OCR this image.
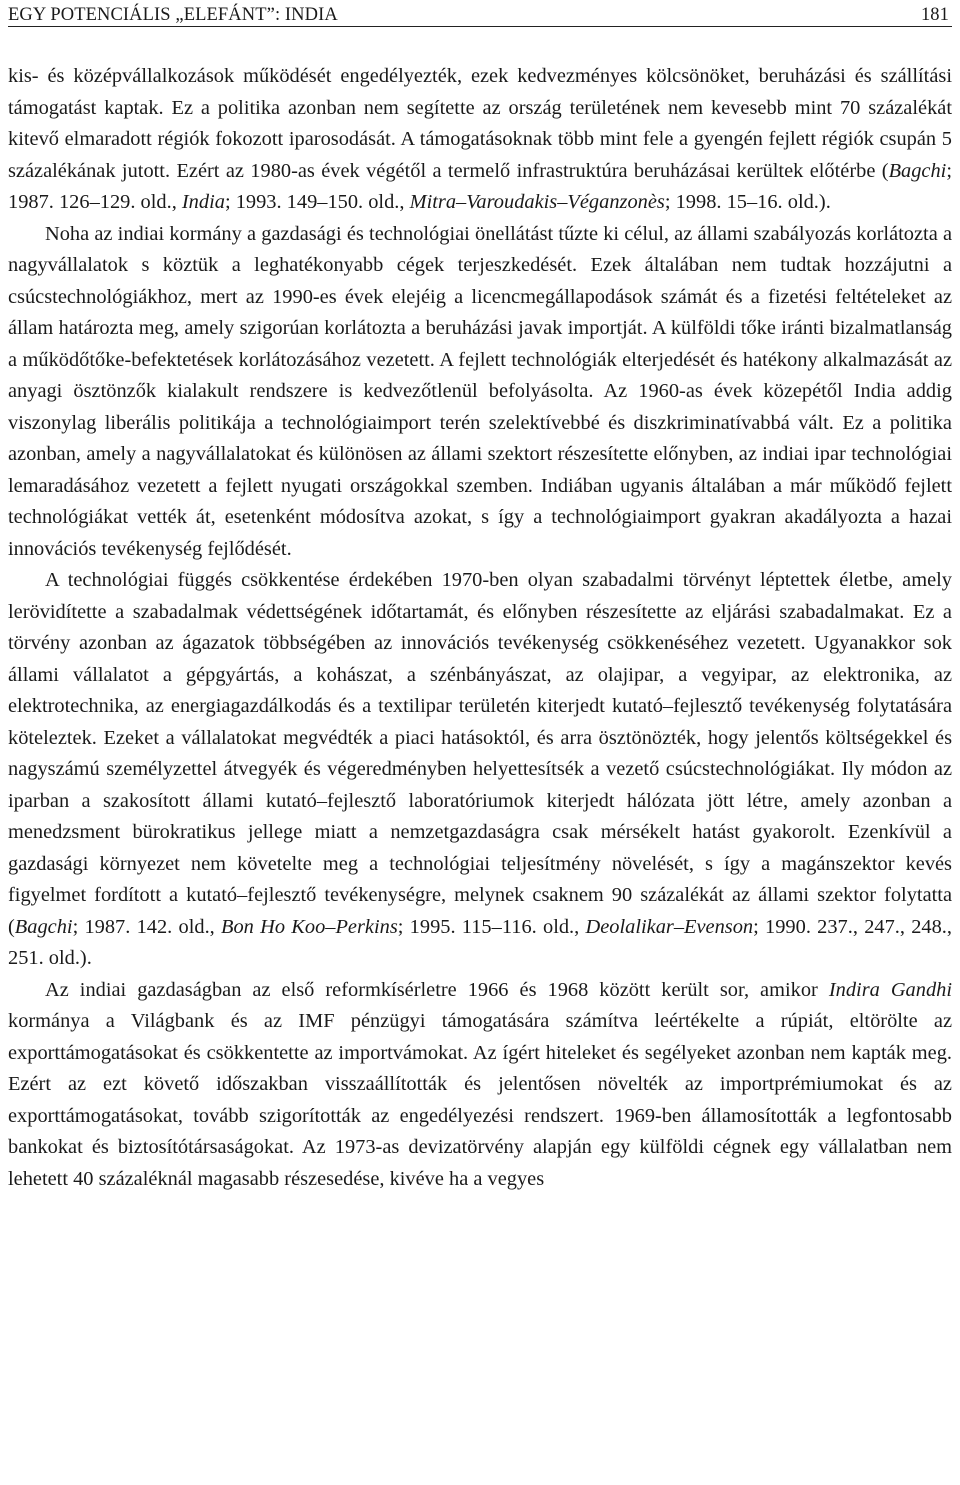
EGY POTENCIÁLIS „ELEFÁNT”: INDIA	181

kis- és középvállalkozások működését engedélyezték, ezek kedvezményes kölcsönöket, beruházási és szállítási támogatást kaptak. Ez a politika azonban nem segítette az ország területének nem kevesebb mint 70 százalékát kitevő elmaradott régiók fokozott iparosodását. A támogatásoknak több mint fele a gyengén fejlett régiók csupán 5 százalékának jutott. Ezért az 1980-as évek végétől a termelő infrastruktúra beruházásai kerültek előtérbe (Bagchi; 1987. 126–129. old., India; 1993. 149–150. old., Mitra–Varoudakis–Véganzonès; 1998. 15–16. old.).

Noha az indiai kormány a gazdasági és technológiai önellátást tűzte ki célul, az állami szabályozás korlátozta a nagyvállalatok s köztük a leghatékonyabb cégek terjeszkedését. Ezek általában nem tudtak hozzájutni a csúcstechnológiákhoz, mert az 1990-es évek elejéig a licencmegállapodások számát és a fizetési feltételeket az állam határozta meg, amely szigorúan korlátozta a beruházási javak importját. A külföldi tőke iránti bizalmatlanság a működőtőke-befektetések korlátozásához vezetett. A fejlett technológiák elterjedését és hatékony alkalmazását az anyagi ösztönzők kialakult rendszere is kedvezőtlenül befolyásolta. Az 1960-as évek közepétől India addig viszonylag liberális politikája a technológiaimport terén szelektívebbé és diszkriminatívabbá vált. Ez a politika azonban, amely a nagyvállalatokat és különösen az állami szektort részesítette előnyben, az indiai ipar technológiai lemaradásához vezetett a fejlett nyugati országokkal szemben. Indiában ugyanis általában a már működő fejlett technológiákat vették át, esetenként módosítva azokat, s így a technológiaimport gyakran akadályozta a hazai innovációs tevékenység fejlődését.

A technológiai függés csökkentése érdekében 1970-ben olyan szabadalmi törvényt léptettek életbe, amely lerövidítette a szabadalmak védettségének időtartamát, és előnyben részesítette az eljárási szabadalmakat. Ez a törvény azonban az ágazatok többségében az innovációs tevékenység csökkenéséhez vezetett. Ugyanakkor sok állami vállalatot a gépgyártás, a kohászat, a szénbányászat, az olajipar, a vegyipar, az elektronika, az elektrotechnika, az energiagazdálkodás és a textilipar területén kiterjedt kutató–fejlesztő tevékenység folytatására köteleztek. Ezeket a vállalatokat megvédték a piaci hatásoktól, és arra ösztönözték, hogy jelentős költségekkel és nagyszámú személyzettel átvegyék és végeredményben helyettesítsék a vezető csúcstechnológiákat. Ily módon az iparban a szakosított állami kutató–fejlesztő laboratóriumok kiterjedt hálózata jött létre, amely azonban a menedzsment bürokratikus jellege miatt a nemzetgazdaságra csak mérsékelt hatást gyakorolt. Ezenkívül a gazdasági környezet nem követelte meg a technológiai teljesítmény növelését, s így a magánszektor kevés figyelmet fordított a kutató–fejlesztő tevékenységre, melynek csaknem 90 százalékát az állami szektor folytatta (Bagchi; 1987. 142. old., Bon Ho Koo–Perkins; 1995. 115–116. old., Deolalikar–Evenson; 1990. 237., 247., 248., 251. old.).

Az indiai gazdaságban az első reformkísérletre 1966 és 1968 között került sor, amikor Indira Gandhi kormánya a Világbank és az IMF pénzügyi támogatására számítva leértékelte a rúpiát, eltörölte az exporttámogatásokat és csökkentette az importvámokat. Az ígért hiteleket és segélyeket azonban nem kapták meg. Ezért az ezt követő időszakban visszaállították és jelentősen növelték az importprémiumokat és az exporttámogatásokat, tovább szigorították az engedélyezési rendszert. 1969-ben államosították a legfontosabb bankokat és biztosítótársaságokat. Az 1973-as devizatörvény alapján egy külföldi cégnek egy vállalatban nem lehetett 40 százaléknál magasabb részesedése, kivéve ha a vegyes
